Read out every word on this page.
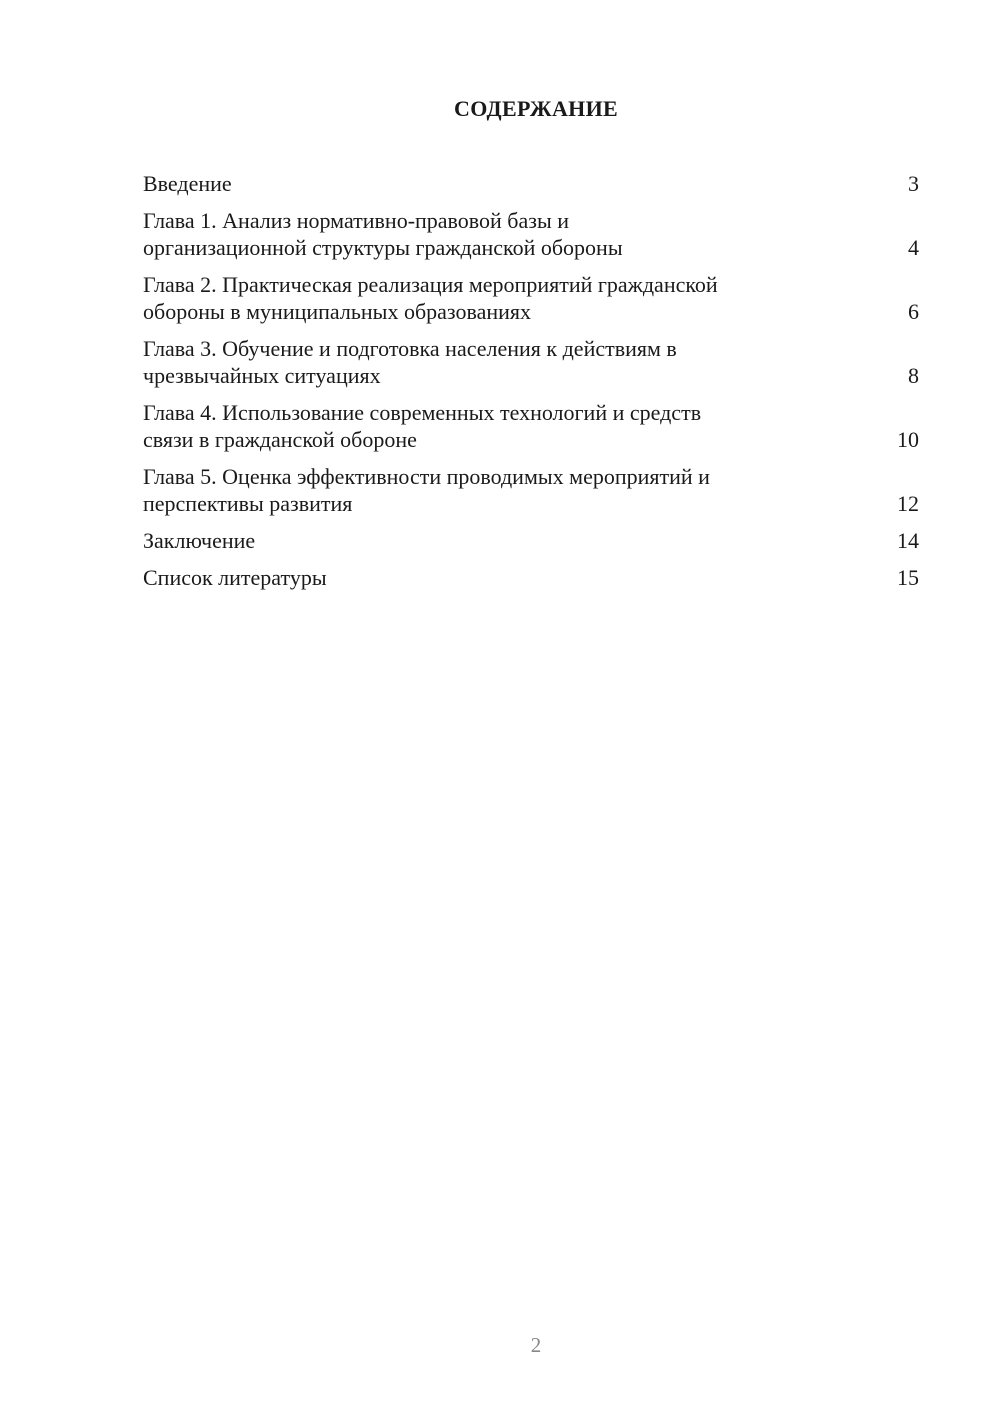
СОДЕРЖАНИЕ
Введение	3
Глава 1. Анализ нормативно-правовой базы и
организационной структуры гражданской обороны	4
Глава 2. Практическая реализация мероприятий гражданской
обороны в муниципальных образованиях	6
Глава 3. Обучение и подготовка населения к действиям в
чрезвычайных ситуациях	8
Глава 4. Использование современных технологий и средств
связи в гражданской обороне	10
Глава 5. Оценка эффективности проводимых мероприятий и
перспективы развития	12
Заключение	14
Список литературы	15
2
